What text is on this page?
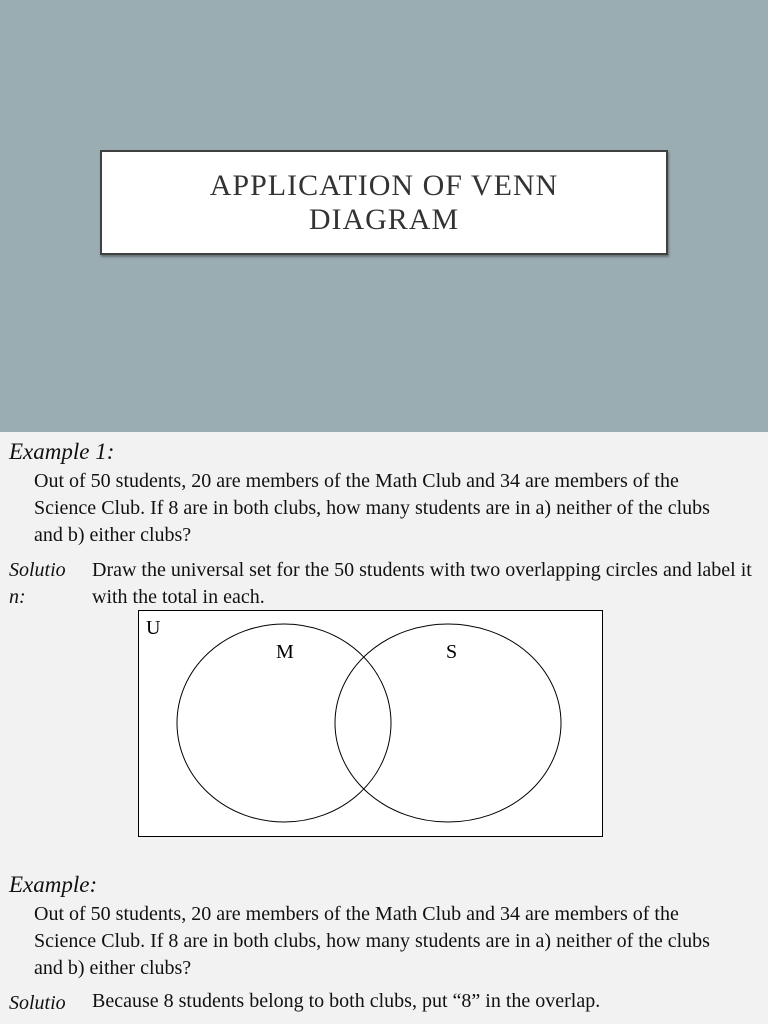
APPLICATION OF VENN
DIAGRAM
Example 1:
Out of 50 students, 20 are members of the Math Club and 34 are members of the Science Club. If 8 are in both clubs, how many students are in a) neither of the clubs and b) either clubs?
Solutio
n:
Draw the universal set for the 50 students with two overlapping circles and label it with the total in each.
U
M	S
Example:
Out of 50 students, 20 are members of the Math Club and 34 are members of the Science Club. If 8 are in both clubs, how many students are in a) neither of the clubs and b) either clubs?
Solutio Because 8 students belong to both clubs, put “8” in the overlap.
